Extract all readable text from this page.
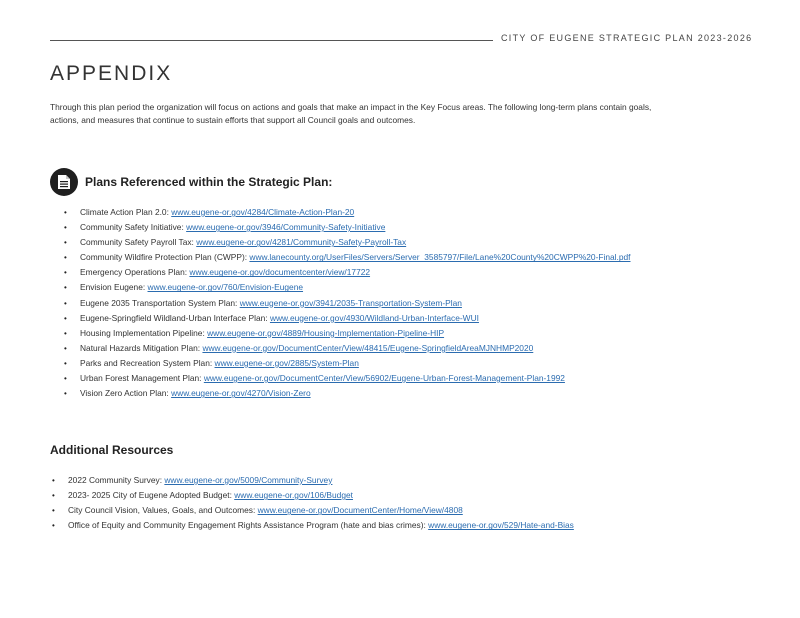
CITY OF EUGENE STRATEGIC PLAN 2023-2026
APPENDIX

Through this plan period the organization will focus on actions and goals that make an impact in the Key Focus areas. The following long-term plans contain goals, actions, and measures that continue to sustain efforts that support all Council goals and outcomes.

Plans Referenced within the Strategic Plan:
• Climate Action Plan 2.0: www.eugene-or.gov/4284/Climate-Action-Plan-20
• Community Safety Initiative: www.eugene-or.gov/3946/Community-Safety-Initiative
• Community Safety Payroll Tax: www.eugene-or.gov/4281/Community-Safety-Payroll-Tax
• Community Wildfire Protection Plan (CWPP): www.lanecounty.org/UserFiles/Servers/Server_3585797/File/Lane%20County%20CWPP%20-Final.pdf
• Emergency Operations Plan: www.eugene-or.gov/documentcenter/view/17722
• Envision Eugene: www.eugene-or.gov/760/Envision-Eugene
• Eugene 2035 Transportation System Plan: www.eugene-or.gov/3941/2035-Transportation-System-Plan
• Eugene-Springfield Wildland-Urban Interface Plan: www.eugene-or.gov/4930/Wildland-Urban-Interface-WUI
• Housing Implementation Pipeline: www.eugene-or.gov/4889/Housing-Implementation-Pipeline-HIP
• Natural Hazards Mitigation Plan: www.eugene-or.gov/DocumentCenter/View/48415/Eugene-SpringfieldAreaMJNHMP2020
• Parks and Recreation System Plan: www.eugene-or.gov/2885/System-Plan
• Urban Forest Management Plan: www.eugene-or.gov/DocumentCenter/View/56902/Eugene-Urban-Forest-Management-Plan-1992
• Vision Zero Action Plan: www.eugene-or.gov/4270/Vision-Zero
Additional Resources
• 2022 Community Survey: www.eugene-or.gov/5009/Community-Survey
• 2023- 2025 City of Eugene Adopted Budget: www.eugene-or.gov/106/Budget
• City Council Vision, Values, Goals, and Outcomes: www.eugene-or.gov/DocumentCenter/Home/View/4808
• Office of Equity and Community Engagement Rights Assistance Program (hate and bias crimes): www.eugene-or.gov/529/Hate-and-Bias
